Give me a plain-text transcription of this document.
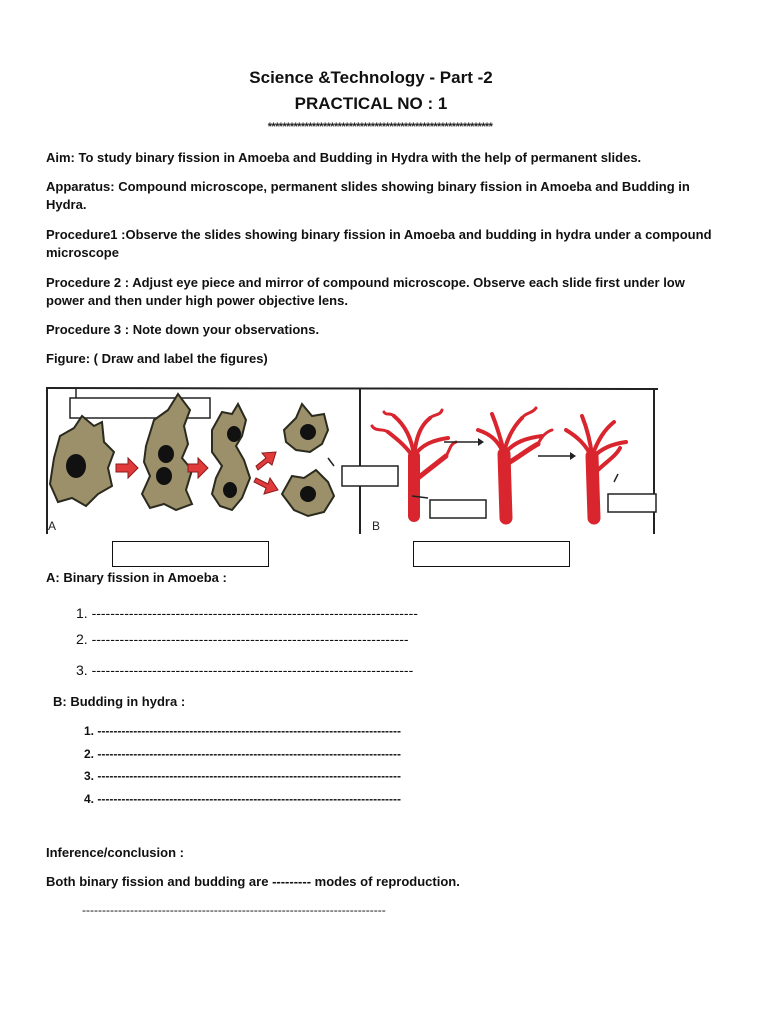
Science &Technology - Part -2
PRACTICAL NO : 1
*************************************************************
Aim: To study binary fission in Amoeba and Budding in Hydra with the help of permanent slides.
Apparatus: Compound microscope, permanent slides showing binary fission in Amoeba and Budding in Hydra.
Procedure1 :Observe the slides showing binary fission in Amoeba and budding in hydra under a compound microscope
Procedure 2 : Adjust eye piece and mirror of compound microscope. Observe each slide first under low power and then under high power objective lens.
Procedure 3 : Note down your observations.
Figure: ( Draw and label the figures)
A	B
A: Binary fission in Amoeba :
1. ----------------------------------------------------------------------
2. --------------------------------------------------------------------
3. ---------------------------------------------------------------------
B: Budding in hydra :
1. ----------------------------------------------------------------------------
2. ----------------------------------------------------------------------------
3. ----------------------------------------------------------------------------
4. ----------------------------------------------------------------------------
Inference/conclusion :
Both binary fission and budding are --------- modes of reproduction.
----------------------------------------------------------------------------
